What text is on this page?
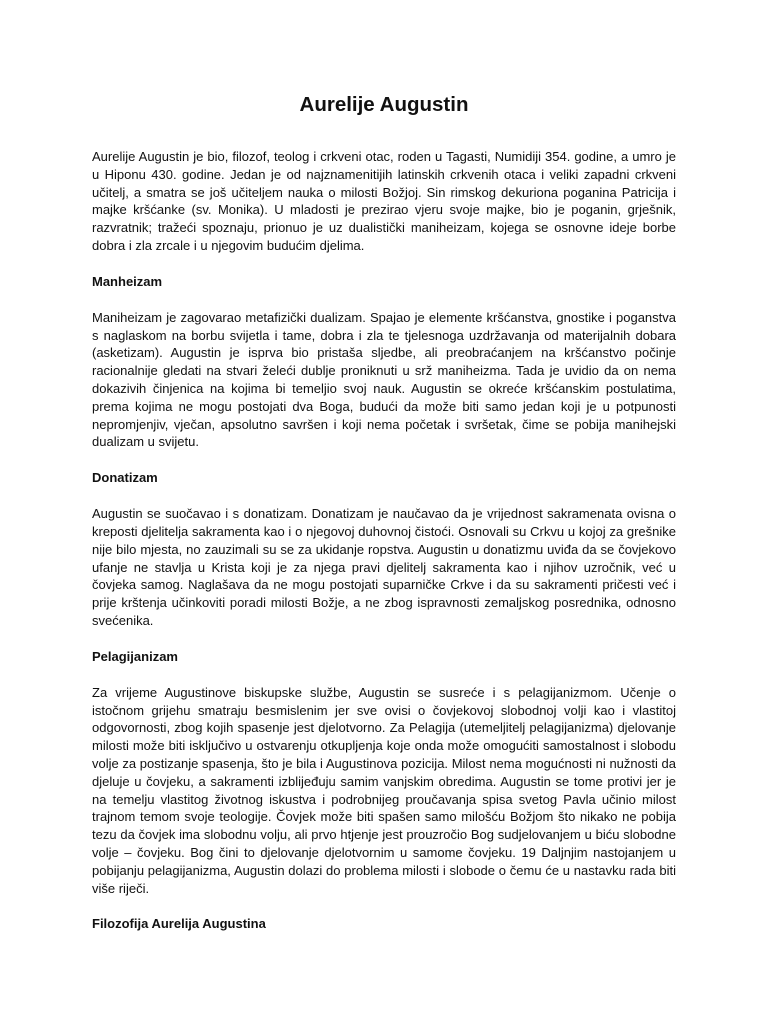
Aurelije Augustin

Aurelije Augustin je bio, filozof, teolog i crkveni otac, roden u Tagasti, Numidiji 354. godine, a umro je u Hiponu 430. godine. Jedan je od najznamenitijih latinskih crkvenih otaca i veliki zapadni crkveni učitelj, a smatra se još učiteljem nauka o milosti Božjoj. Sin rimskog dekuriona poganina Patricija i majke kršćanke (sv. Monika). U mladosti je prezirao vjeru svoje majke, bio je poganin, grješnik, razvratnik; tražeći spoznaju, prionuo je uz dualistički maniheizam, kojega se osnovne ideje borbe dobra i zla zrcale i u njegovim budućim djelima.

Manheizam

Maniheizam je zagovarao metafizički dualizam. Spajao je elemente kršćanstva, gnostike i poganstva s naglaskom na borbu svijetla i tame, dobra i zla te tjelesnoga uzdržavanja od materijalnih dobara (asketizam). Augustin je isprva bio pristaša sljedbe, ali preobraćanjem na kršćanstvo počinje racionalnije gledati na stvari želeći dublje proniknuti u srž maniheizma. Tada je uvidio da on nema dokazivih činjenica na kojima bi temeljio svoj nauk. Augustin se okreće kršćanskim postulatima, prema kojima ne mogu postojati dva Boga, budući da može biti samo jedan koji je u potpunosti nepromjenjiv, vječan, apsolutno savršen i koji nema početak i svršetak, čime se pobija manihejski dualizam u svijetu.

Donatizam

Augustin se suočavao i s donatizam. Donatizam je naučavao da je vrijednost sakramenata ovisna o kreposti djelitelja sakramenta kao i o njegovoj duhovnoj čistoći. Osnovali su Crkvu u kojoj za grešnike nije bilo mjesta, no zauzimali su se za ukidanje ropstva. Augustin u donatizmu uviđa da se čovjekovo ufanje ne stavlja u Krista koji je za njega pravi djelitelj sakramenta kao i njihov uzročnik, već u čovjeka samog. Naglašava da ne mogu postojati suparničke Crkve i da su sakramenti pričesti već i prije krštenja učinkoviti poradi milosti Božje, a ne zbog ispravnosti zemaljskog posrednika, odnosno svećenika.

Pelagijanizam

Za vrijeme Augustinove biskupske službe, Augustin se susreće i s pelagijanizmom. Učenje o istočnom grijehu smatraju besmislenim jer sve ovisi o čovjekovoj slobodnoj volji kao i vlastitoj odgovornosti, zbog kojih spasenje jest djelotvorno. Za Pelagija (utemeljitelj pelagijanizma) djelovanje milosti može biti isključivo u ostvarenju otkupljenja koje onda može omogućiti samostalnost i slobodu volje za postizanje spasenja, što je bila i Augustinova pozicija. Milost nema mogućnosti ni nužnosti da djeluje u čovjeku, a sakramenti izblijeđuju samim vanjskim obredima. Augustin se tome protivi jer je na temelju vlastitog životnog iskustva i podrobnijeg proučavanja spisa svetog Pavla učinio milost trajnom temom svoje teologije. Čovjek može biti spašen samo milošću Božjom što nikako ne pobija tezu da čovjek ima slobodnu volju, ali prvo htjenje jest prouzročio Bog sudjelovanjem u biću slobodne volje – čovjeku. Bog čini to djelovanje djelotvornim u samome čovjeku. 19 Daljnjim nastojanjem u pobijanju pelagijanizma, Augustin dolazi do problema milosti i slobode o čemu će u nastavku rada biti više riječi.

Filozofija Aurelija Augustina
